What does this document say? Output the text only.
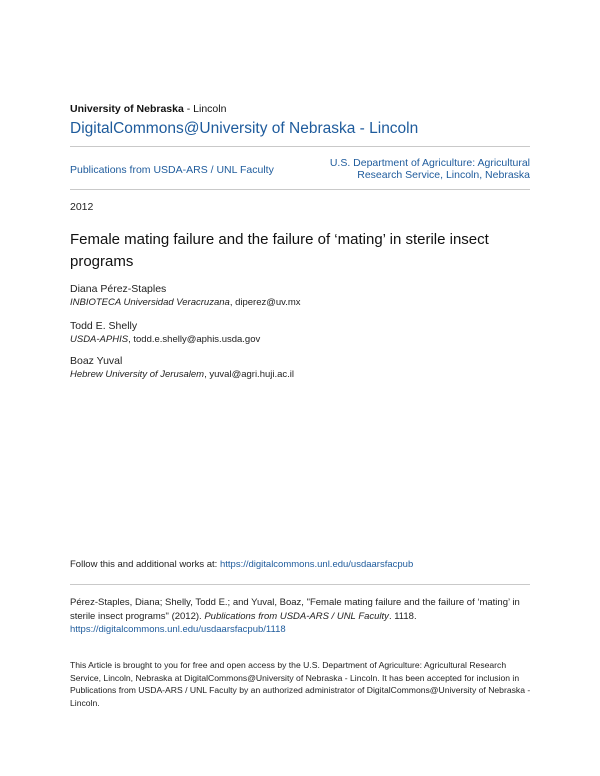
University of Nebraska - Lincoln
DigitalCommons@University of Nebraska - Lincoln
Publications from USDA-ARS / UNL Faculty
U.S. Department of Agriculture: Agricultural
Research Service, Lincoln, Nebraska
2012
Female mating failure and the failure of ‘mating’ in sterile insect programs
Diana Pérez-Staples
INBIOTECA Universidad Veracruzana, diperez@uv.mx
Todd E. Shelly
USDA-APHIS, todd.e.shelly@aphis.usda.gov
Boaz Yuval
Hebrew University of Jerusalem, yuval@agri.huji.ac.il
Follow this and additional works at: https://digitalcommons.unl.edu/usdaarsfacpub
Pérez-Staples, Diana; Shelly, Todd E.; and Yuval, Boaz, "Female mating failure and the failure of ‘mating’ in sterile insect programs" (2012). Publications from USDA-ARS / UNL Faculty. 1118.
https://digitalcommons.unl.edu/usdaarsfacpub/1118
This Article is brought to you for free and open access by the U.S. Department of Agriculture: Agricultural Research Service, Lincoln, Nebraska at DigitalCommons@University of Nebraska - Lincoln. It has been accepted for inclusion in Publications from USDA-ARS / UNL Faculty by an authorized administrator of DigitalCommons@University of Nebraska - Lincoln.
